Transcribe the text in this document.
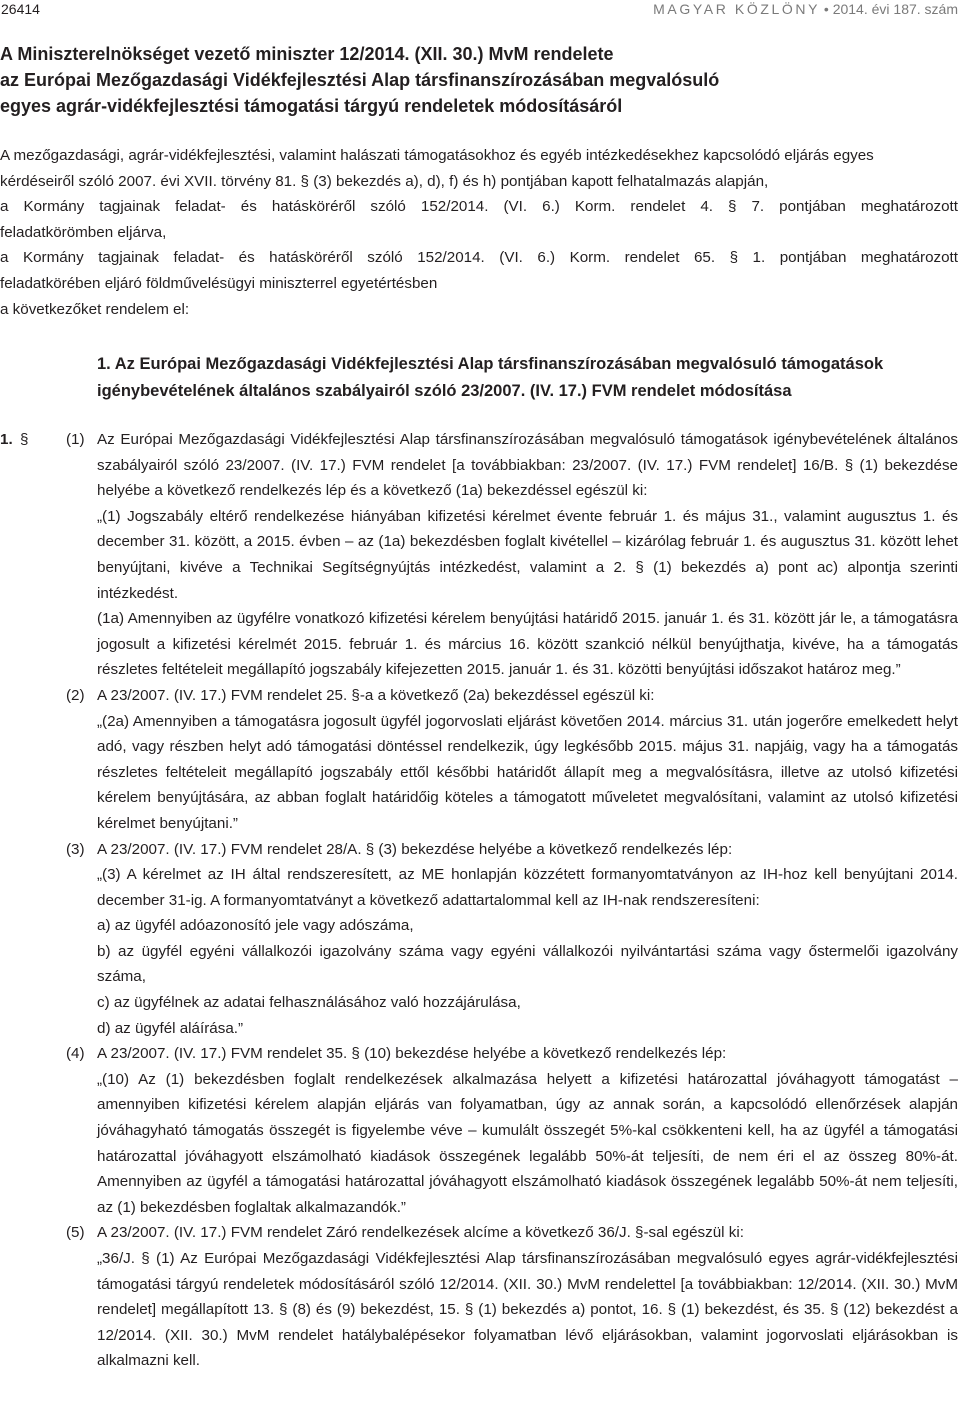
26414	MAGYAR KÖZLÖNY • 2014. évi 187. szám
A Miniszterelnökséget vezető miniszter 12/2014. (XII. 30.) MvM rendelete
az Európai Mezőgazdasági Vidékfejlesztési Alap társfinanszírozásában megvalósuló
egyes agrár-vidékfejlesztési támogatási tárgyú rendeletek módosításáról
A mezőgazdasági, agrár-vidékfejlesztési, valamint halászati támogatásokhoz és egyéb intézkedésekhez kapcsolódó eljárás egyes
kérdéseiről szóló 2007. évi XVII. törvény 81. § (3) bekezdés a), d), f) és h) pontjában kapott felhatalmazás alapján,
a Kormány tagjainak feladat- és hatásköréről szóló 152/2014. (VI. 6.) Korm. rendelet 4. § 7. pontjában meghatározott
feladatkörömben eljárva,
a Kormány tagjainak feladat- és hatásköréről szóló 152/2014. (VI. 6.) Korm. rendelet 65. § 1. pontjában meghatározott
feladatkörében eljáró földművelésügyi miniszterrel egyetértésben
a következőket rendelem el:
1. Az Európai Mezőgazdasági Vidékfejlesztési Alap társfinanszírozásában megvalósuló támogatások igénybevételének általános szabályairól szóló 23/2007. (IV. 17.) FVM rendelet módosítása
1. § (1) Az Európai Mezőgazdasági Vidékfejlesztési Alap társfinanszírozásában megvalósuló támogatások igénybevételének általános szabályairól szóló 23/2007. (IV. 17.) FVM rendelet [a továbbiakban: 23/2007. (IV. 17.) FVM rendelet] 16/B. § (1) bekezdése helyébe a következő rendelkezés lép és a következő (1a) bekezdéssel egészül ki:

„(1) Jogszabály eltérő rendelkezése hiányában kifizetési kérelmet évente február 1. és május 31., valamint augusztus 1. és december 31. között, a 2015. évben – az (1a) bekezdésben foglalt kivétellel – kizárólag február 1. és augusztus 31. között lehet benyújtani, kivéve a Technikai Segítségnyújtás intézkedést, valamint a 2. § (1) bekezdés a) pont ac) alpontja szerinti intézkedést.

(1a) Amennyiben az ügyfélre vonatkozó kifizetési kérelem benyújtási határidő 2015. január 1. és 31. között jár le, a támogatásra jogosult a kifizetési kérelmét 2015. február 1. és március 16. között szankció nélkül benyújthatja, kivéve, ha a támogatás részletes feltételeit megállapító jogszabály kifejezetten 2015. január 1. és 31. közötti benyújtási időszakot határoz meg.”

(2) A 23/2007. (IV. 17.) FVM rendelet 25. §-a a következő (2a) bekezdéssel egészül ki:

„(2a) Amennyiben a támogatásra jogosult ügyfél jogorvoslati eljárást követően 2014. március 31. után jogerőre emelkedett helyt adó, vagy részben helyt adó támogatási döntéssel rendelkezik, úgy legkésőbb 2015. május 31. napjáig, vagy ha a támogatás részletes feltételeit megállapító jogszabály ettől későbbi határidőt állapít meg a megvalósításra, illetve az utolsó kifizetési kérelem benyújtására, az abban foglalt határidőig köteles a támogatott műveletet megvalósítani, valamint az utolsó kifizetési kérelmet benyújtani.”

(3) A 23/2007. (IV. 17.) FVM rendelet 28/A. § (3) bekezdése helyébe a következő rendelkezés lép:

„(3) A kérelmet az IH által rendszeresített, az ME honlapján közzétett formanyomtatványon az IH-hoz kell benyújtani 2014. december 31-ig. A formanyomtatványt a következő adattartalommal kell az IH-nak rendszeresíteni:

a) az ügyfél adóazonosító jele vagy adószáma,

b) az ügyfél egyéni vállalkozói igazolvány száma vagy egyéni vállalkozói nyilvántartási száma vagy őstermelői igazolvány száma,

c) az ügyfélnek az adatai felhasználásához való hozzájárulása,

d) az ügyfél aláírása.”

(4) A 23/2007. (IV. 17.) FVM rendelet 35. § (10) bekezdése helyébe a következő rendelkezés lép:

„(10) Az (1) bekezdésben foglalt rendelkezések alkalmazása helyett a kifizetési határozattal jóváhagyott támogatást – amennyiben kifizetési kérelem alapján eljárás van folyamatban, úgy az annak során, a kapcsolódó ellenőrzések alapján jóváhagyható támogatás összegét is figyelembe véve – kumulált összegét 5%-kal csökkenteni kell, ha az ügyfél a támogatási határozattal jóváhagyott elszámolható kiadások összegének legalább 50%-át teljesíti, de nem éri el az összeg 80%-át. Amennyiben az ügyfél a támogatási határozattal jóváhagyott elszámolható kiadások összegének legalább 50%-át nem teljesíti, az (1) bekezdésben foglaltak alkalmazandók.”

(5) A 23/2007. (IV. 17.) FVM rendelet Záró rendelkezések alcíme a következő 36/J. §-sal egészül ki:

„36/J. § (1) Az Európai Mezőgazdasági Vidékfejlesztési Alap társfinanszírozásában megvalósuló egyes agrár-vidékfejlesztési támogatási tárgyú rendeletek módosításáról szóló 12/2014. (XII. 30.) MvM rendelettel [a továbbiakban: 12/2014. (XII. 30.) MvM rendelet] megállapított 13. § (8) és (9) bekezdést, 15. § (1) bekezdés a) pontot, 16. § (1) bekezdést, és 35. § (12) bekezdést a 12/2014. (XII. 30.) MvM rendelet hatálybalépésekor folyamatban lévő eljárásokban, valamint jogorvoslati eljárásokban is alkalmazni kell.
